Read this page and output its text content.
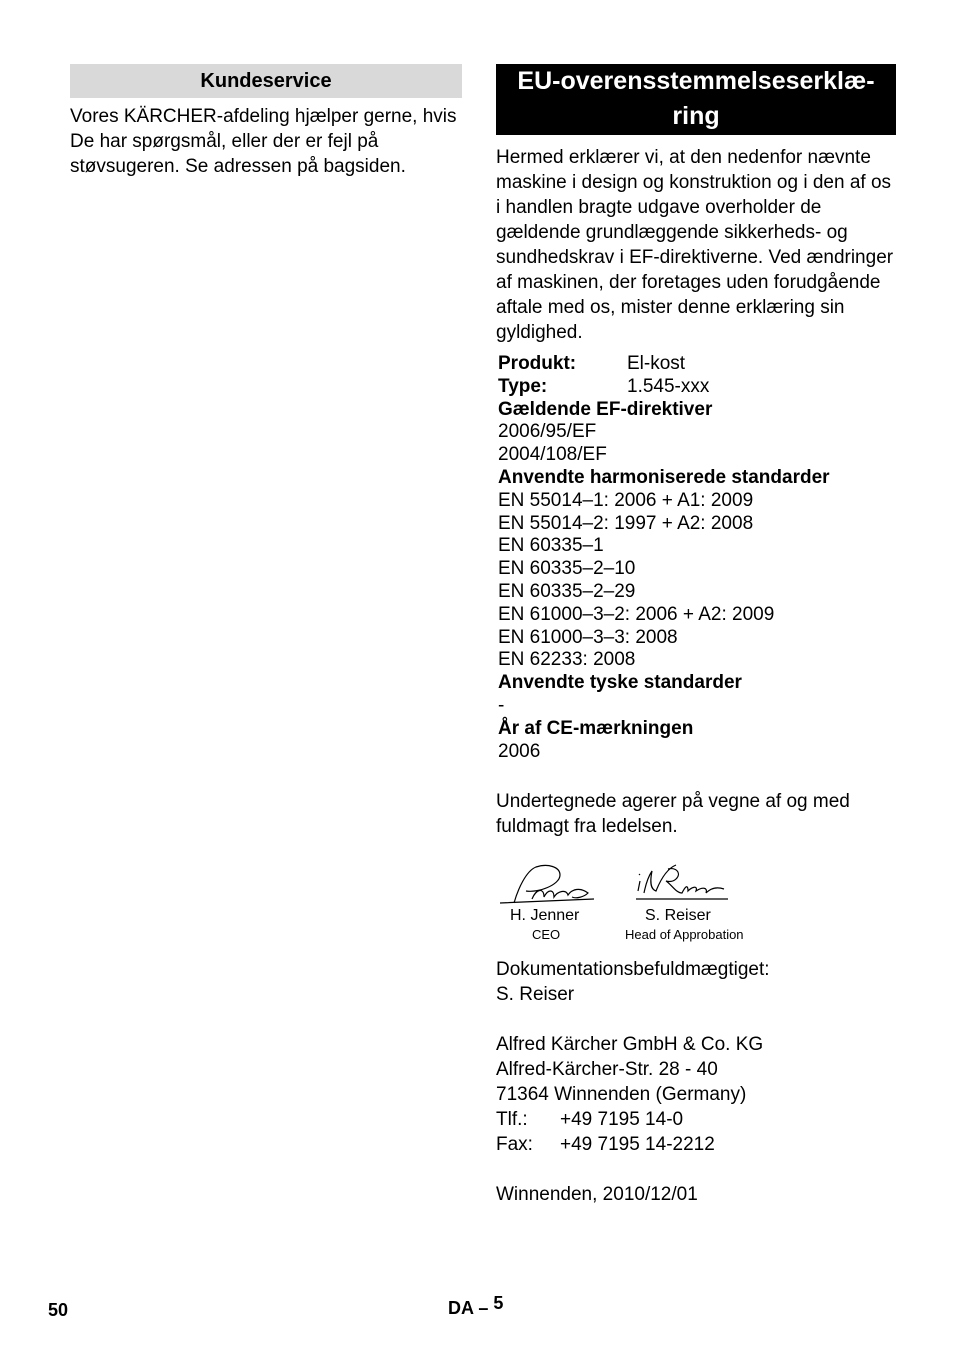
Kundeservice
Vores KÄRCHER-afdeling hjælper gerne, hvis De har spørgsmål, eller der er fejl på støvsugeren. Se adressen på bagsiden.
EU-overensstemmelseserklæ-
ring
Hermed erklærer vi, at den nedenfor nævnte maskine i design og konstruktion og i den af os i handlen bragte udgave overholder de gældende grundlæggende sikkerheds- og sundhedskrav i EF-direktiverne. Ved ændringer af maskinen, der foretages uden forudgående aftale med os, mister denne erklæring sin gyldighed.
Produkt:	El-kost
Type:	1.545-xxx
Gældende EF-direktiver
2006/95/EF
2004/108/EF
Anvendte harmoniserede standarder
EN 55014–1: 2006 + A1: 2009
EN 55014–2: 1997 + A2: 2008
EN 60335–1
EN 60335–2–10
EN 60335–2–29
EN 61000–3–2: 2006 + A2: 2009
EN 61000–3–3: 2008
EN 62233: 2008
Anvendte tyske standarder
-
År af CE-mærkningen
2006
Undertegnede agerer på vegne af og med fuldmagt fra ledelsen.
H. Jenner
CEO
S. Reiser
Head of Approbation
Dokumentationsbefuldmægtiget:
S. Reiser
Alfred Kärcher GmbH & Co. KG
Alfred-Kärcher-Str. 28 - 40
71364 Winnenden (Germany)
Tlf.:	+49 7195 14-0
Fax:	+49 7195 14-2212
Winnenden, 2010/12/01
50	DA – 5
